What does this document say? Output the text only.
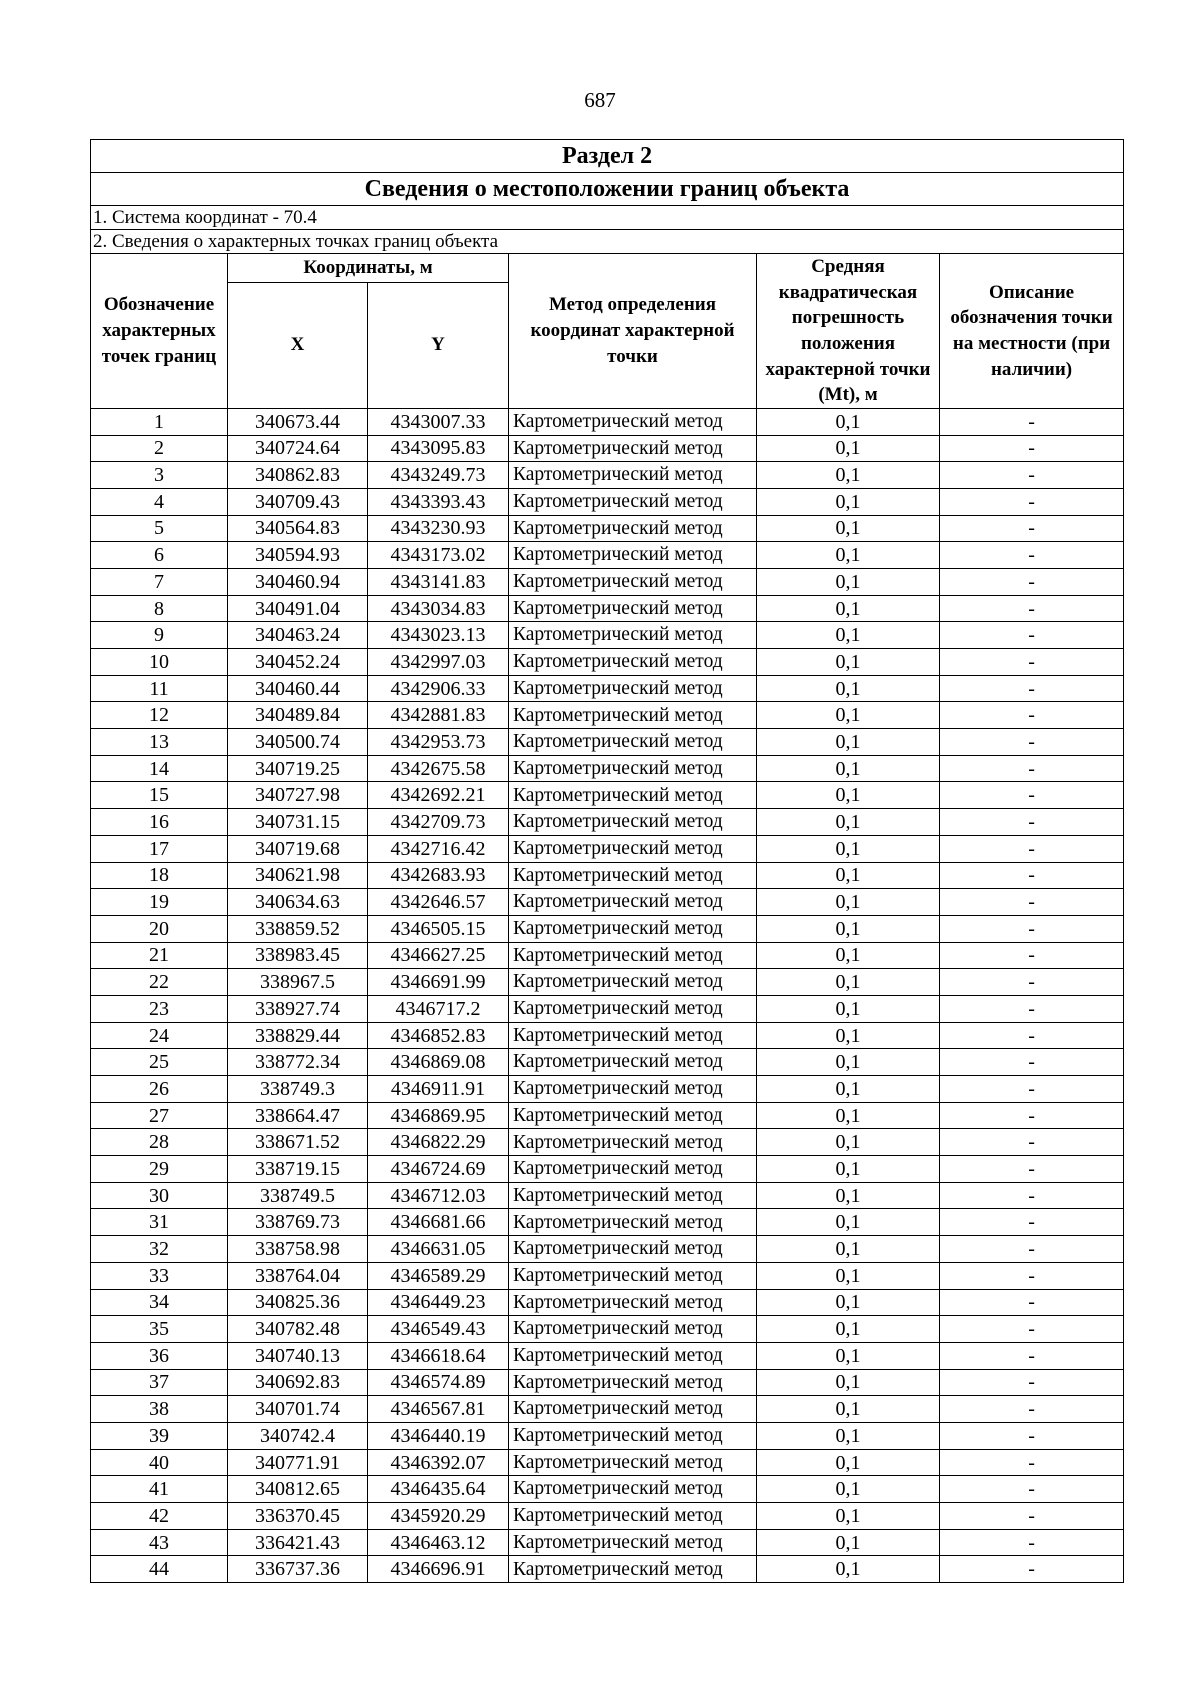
687
Раздел 2					
Сведения о местоположении границ объекта					
1. Система координат - 70.4					
2. Сведения о характерных точках границ объекта					
Обозначение характерных точек границ	Координаты, м		Метод определения координат характерной точки	Средняя квадратическая погрешность положения характерной точки (Mt), м	Описание обозначения точки на местности (при наличии)
	X	Y			
1	340673.44	4343007.33	Картометрический метод	0,1	-
2	340724.64	4343095.83	Картометрический метод	0,1	-
3	340862.83	4343249.73	Картометрический метод	0,1	-
4	340709.43	4343393.43	Картометрический метод	0,1	-
5	340564.83	4343230.93	Картометрический метод	0,1	-
6	340594.93	4343173.02	Картометрический метод	0,1	-
7	340460.94	4343141.83	Картометрический метод	0,1	-
8	340491.04	4343034.83	Картометрический метод	0,1	-
9	340463.24	4343023.13	Картометрический метод	0,1	-
10	340452.24	4342997.03	Картометрический метод	0,1	-
11	340460.44	4342906.33	Картометрический метод	0,1	-
12	340489.84	4342881.83	Картометрический метод	0,1	-
13	340500.74	4342953.73	Картометрический метод	0,1	-
14	340719.25	4342675.58	Картометрический метод	0,1	-
15	340727.98	4342692.21	Картометрический метод	0,1	-
16	340731.15	4342709.73	Картометрический метод	0,1	-
17	340719.68	4342716.42	Картометрический метод	0,1	-
18	340621.98	4342683.93	Картометрический метод	0,1	-
19	340634.63	4342646.57	Картометрический метод	0,1	-
20	338859.52	4346505.15	Картометрический метод	0,1	-
21	338983.45	4346627.25	Картометрический метод	0,1	-
22	338967.5	4346691.99	Картометрический метод	0,1	-
23	338927.74	4346717.2	Картометрический метод	0,1	-
24	338829.44	4346852.83	Картометрический метод	0,1	-
25	338772.34	4346869.08	Картометрический метод	0,1	-
26	338749.3	4346911.91	Картометрический метод	0,1	-
27	338664.47	4346869.95	Картометрический метод	0,1	-
28	338671.52	4346822.29	Картометрический метод	0,1	-
29	338719.15	4346724.69	Картометрический метод	0,1	-
30	338749.5	4346712.03	Картометрический метод	0,1	-
31	338769.73	4346681.66	Картометрический метод	0,1	-
32	338758.98	4346631.05	Картометрический метод	0,1	-
33	338764.04	4346589.29	Картометрический метод	0,1	-
34	340825.36	4346449.23	Картометрический метод	0,1	-
35	340782.48	4346549.43	Картометрический метод	0,1	-
36	340740.13	4346618.64	Картометрический метод	0,1	-
37	340692.83	4346574.89	Картометрический метод	0,1	-
38	340701.74	4346567.81	Картометрический метод	0,1	-
39	340742.4	4346440.19	Картометрический метод	0,1	-
40	340771.91	4346392.07	Картометрический метод	0,1	-
41	340812.65	4346435.64	Картометрический метод	0,1	-
42	336370.45	4345920.29	Картометрический метод	0,1	-
43	336421.43	4346463.12	Картометрический метод	0,1	-
44	336737.36	4346696.91	Картометрический метод	0,1	-
